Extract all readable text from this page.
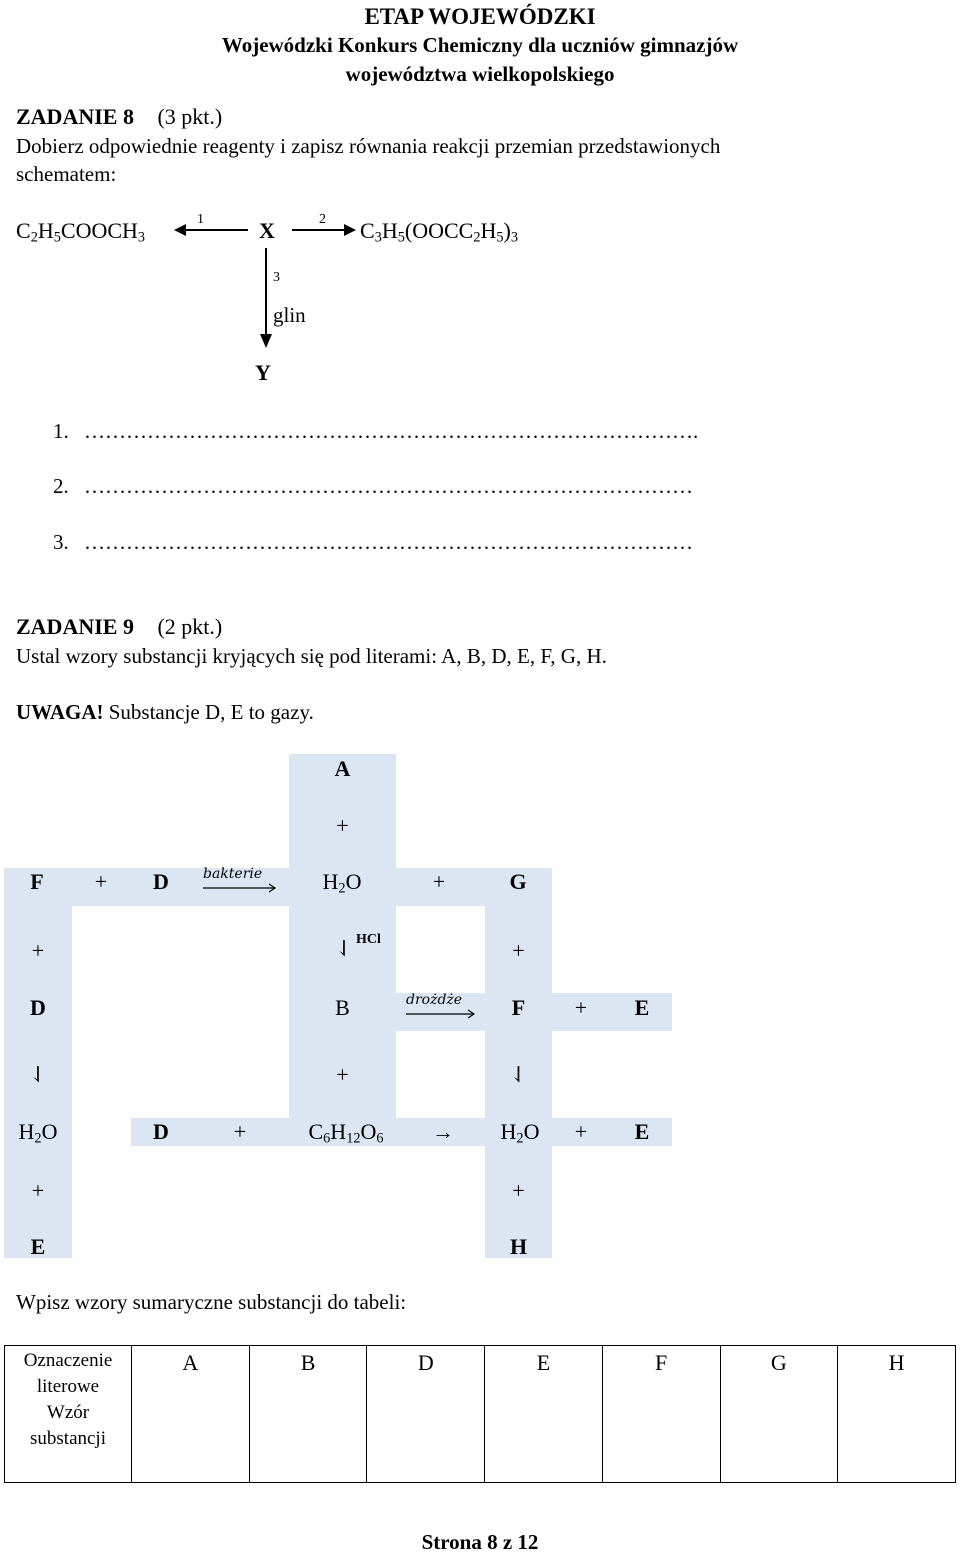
ETAP WOJEWÓDZKI
Wojewódzki Konkurs Chemiczny dla uczniów gimnazjów
województwa wielkopolskiego
ZADANIE 8 (3 pkt.)
Dobierz odpowiednie reagenty i zapisz równania reakcji przemian przedstawionych
schematem:
$C_2H_5COOCH_3$
1	X	2 $C_3H_5(OOCC_2H_5)_3$
3
glin
Y
1. …………………………………………………………………………….
2. ……………………………………………………………………………
3. ……………………………………………………………………………
ZADANIE 9 (2 pkt.)
Ustal wzory substancji kryjących się pod literami: A, B, D, E, F, G, H.
UWAGA! Substancje D, E to gazy.
A
+
F	+	D	bakterie	$H_2O$	+	G
+
D
⇃
$H_2O$
+
E
⇃ HCl
B	drożdże
+
+
F	+	E
⇃
+
H
D	+	$C_6H_{12}O_6$	→	$H_2O$	+	E
Wpisz wzory sumaryczne substancji do tabeli:
Oznaczenie literowe
Wzór substancji
	A	B	D	E	F	G	H
Strona 8 z 12
